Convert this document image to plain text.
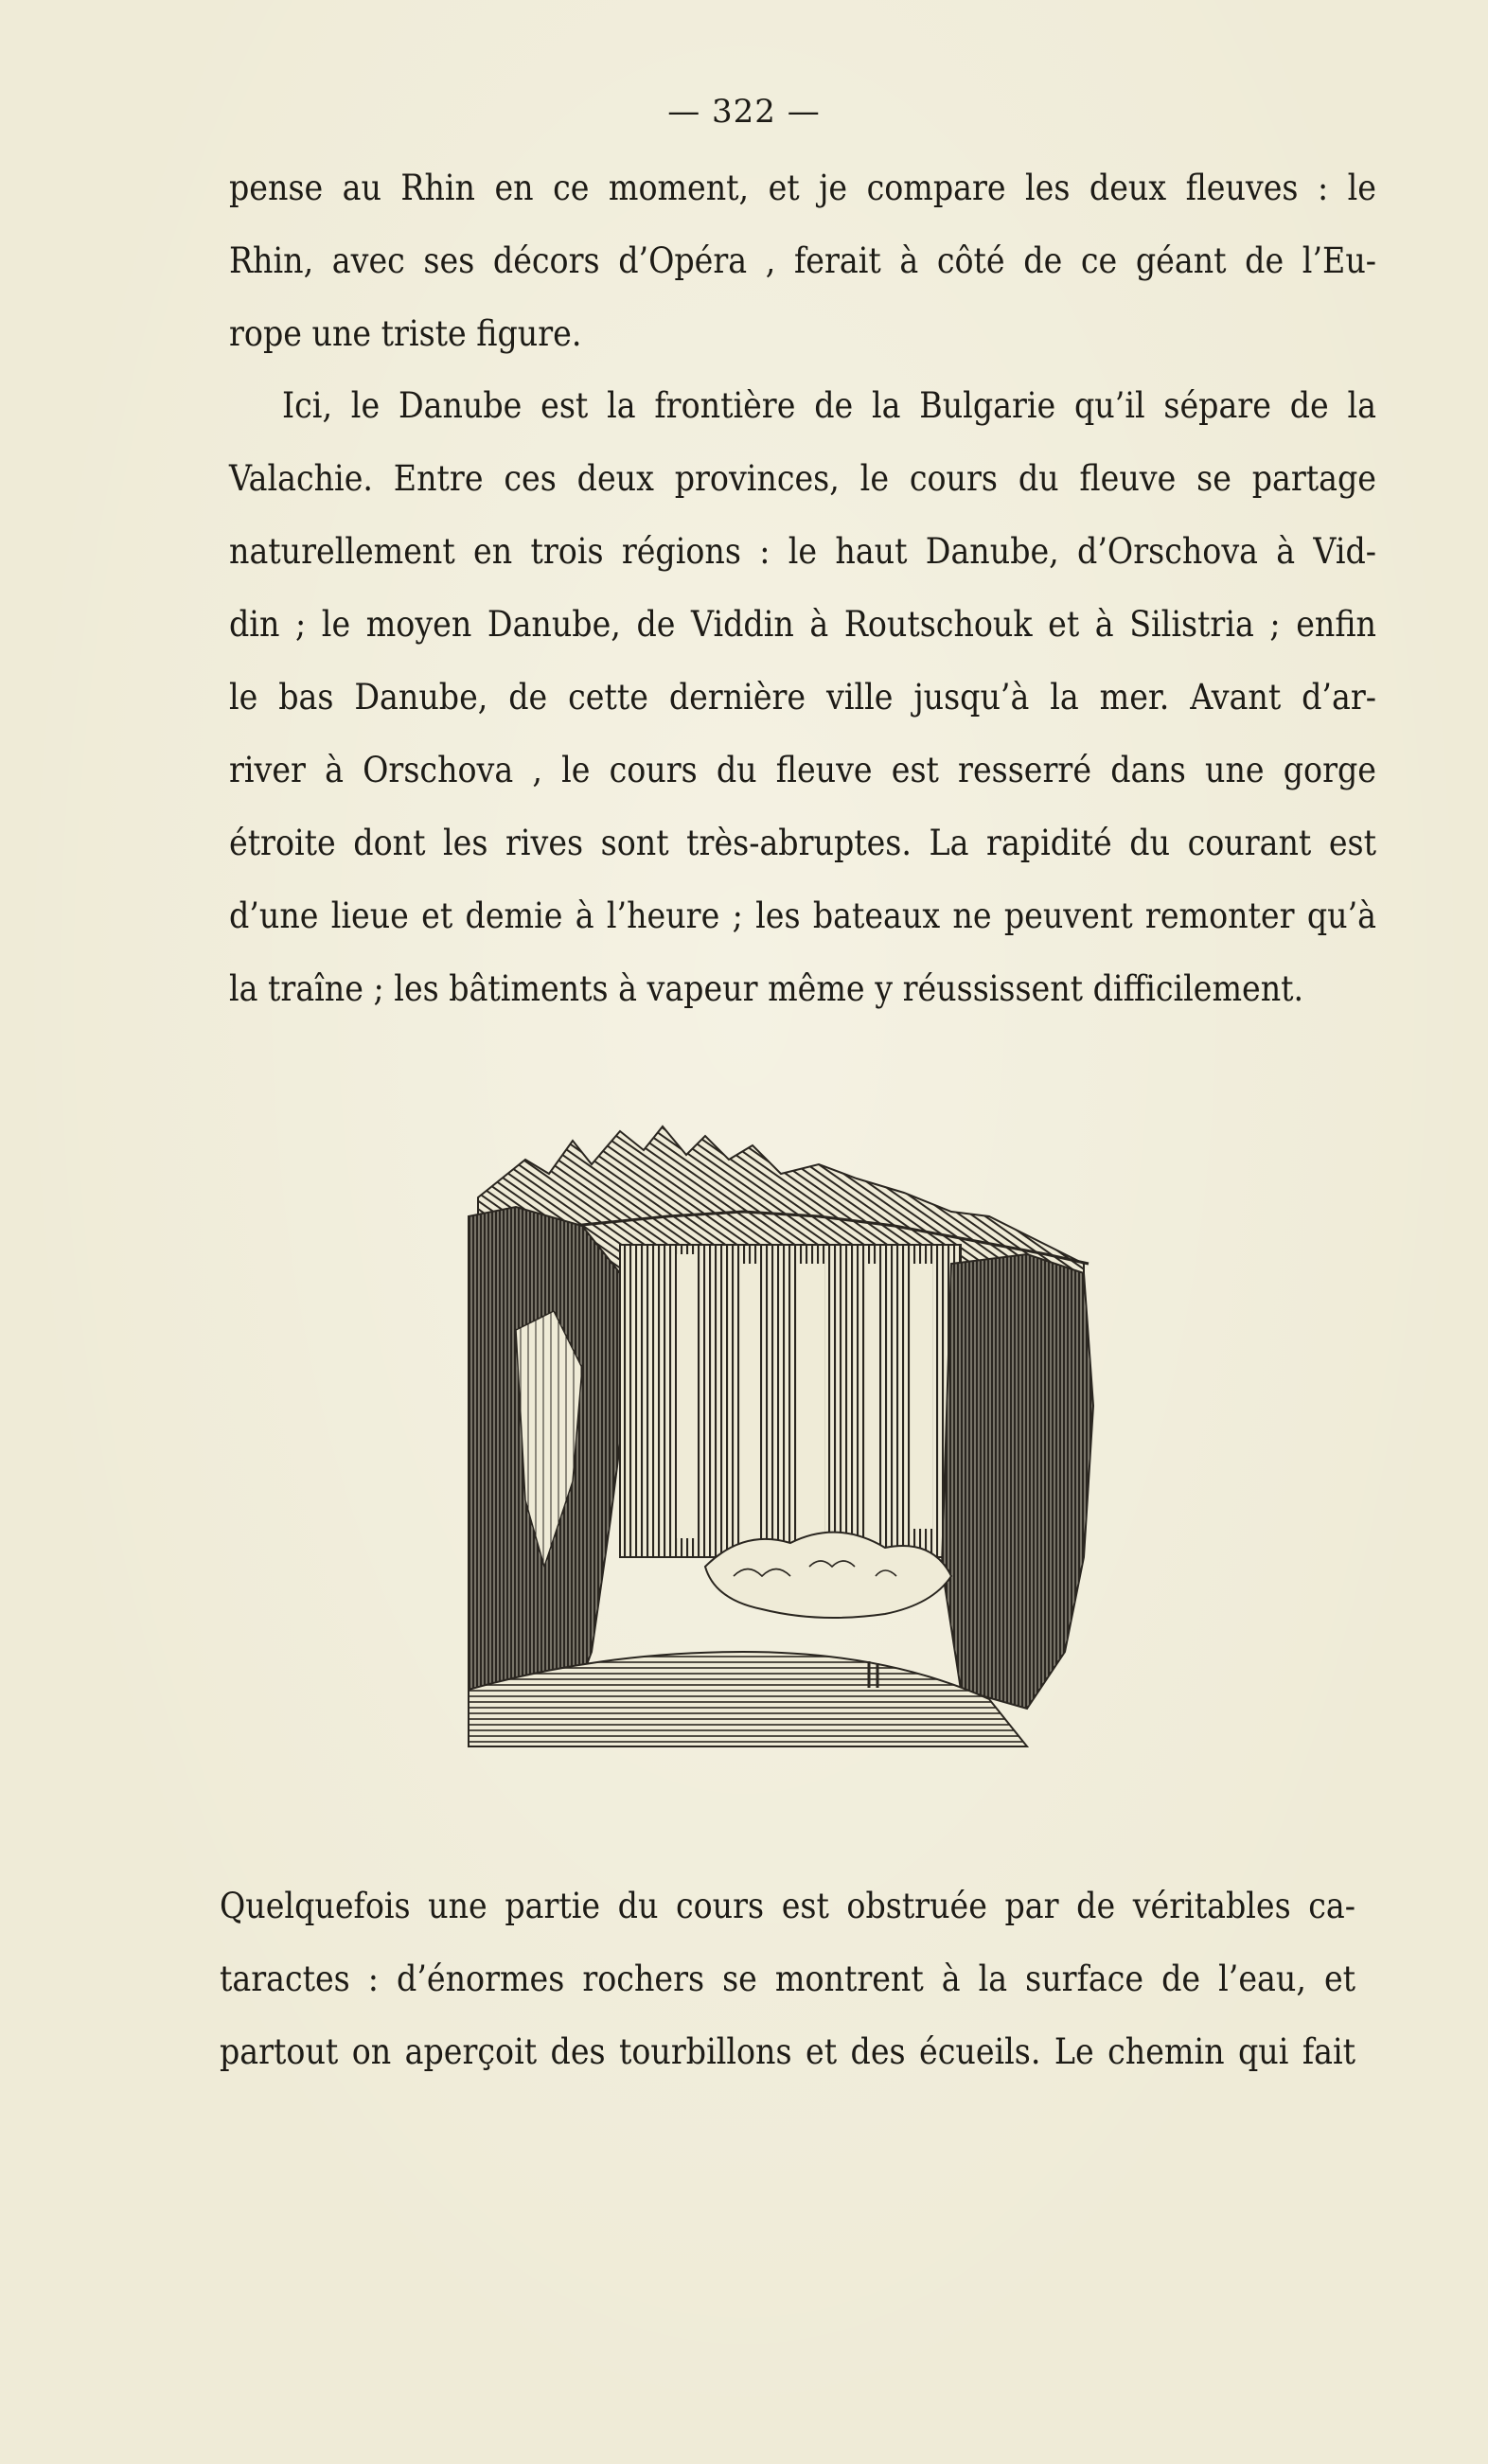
— 322 —
pense au Rhin en ce moment, et je compare les deux fleuves : le
Rhin, avec ses décors d’Opéra , ferait à côté de ce géant de l’Eu-
rope une triste figure.
Ici, le Danube est la frontière de la Bulgarie qu’il sépare de la
Valachie. Entre ces deux provinces, le cours du fleuve se partage
naturellement en trois régions : le haut Danube, d’Orschova à Vid-
din ; le moyen Danube, de Viddin à Routschouk et à Silistria ; enfin
le bas Danube, de cette dernière ville jusqu’à la mer. Avant d’ar-
river à Orschova , le cours du fleuve est resserré dans une gorge
étroite dont les rives sont très-abruptes. La rapidité du courant est
d’une lieue et demie à l’heure ; les bateaux ne peuvent remonter qu’à
la traîne ; les bâtiments à vapeur même y réussissent difficilement.
Quelquefois une partie du cours est obstruée par de véritables ca-
taractes : d’énormes rochers se montrent à la surface de l’eau, et
partout on aperçoit des tourbillons et des écueils. Le chemin qui fait
